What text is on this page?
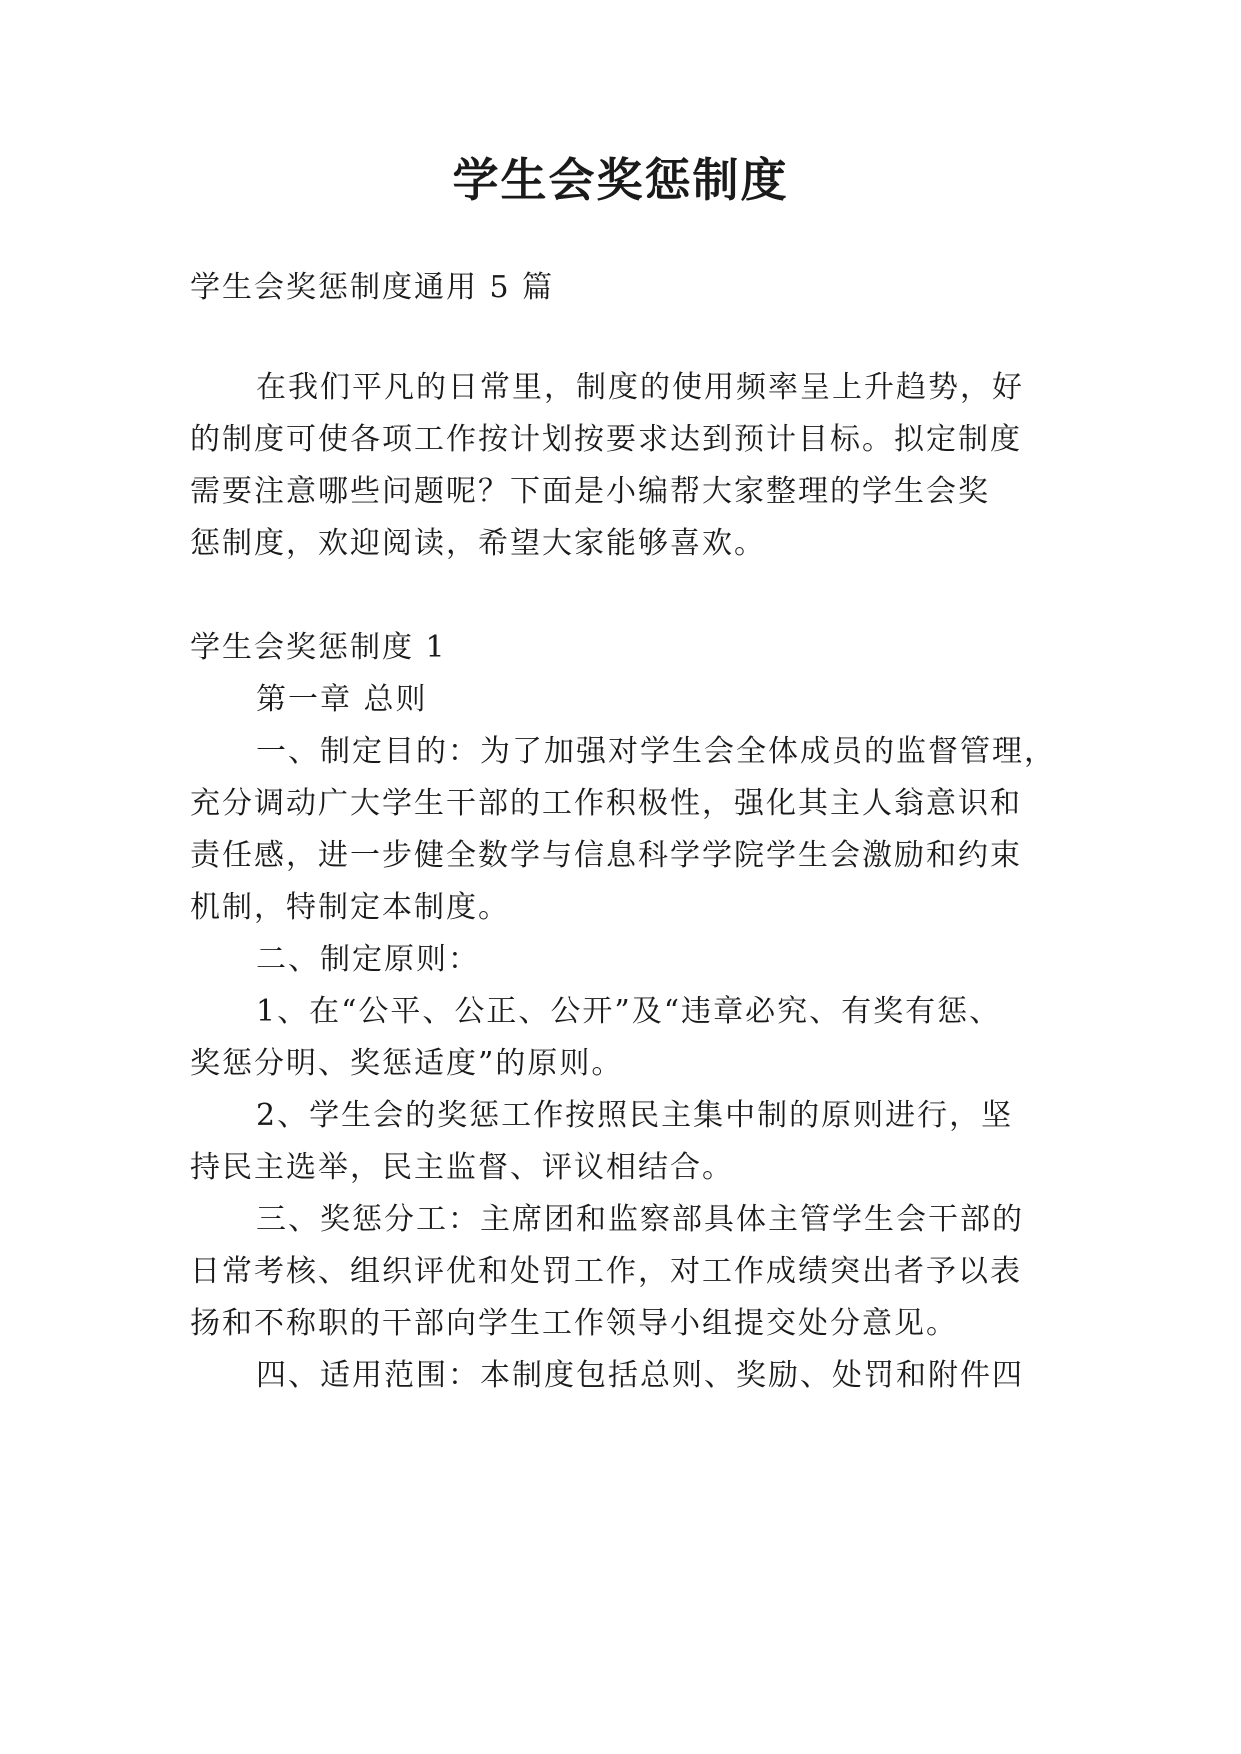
学生会奖惩制度
学生会奖惩制度通用 5 篇
在我们平凡的日常里，制度的使用频率呈上升趋势，好
的制度可使各项工作按计划按要求达到预计目标。拟定制度
需要注意哪些问题呢？下面是小编帮大家整理的学生会奖
惩制度，欢迎阅读，希望大家能够喜欢。
学生会奖惩制度 1
第一章 总则
一、制定目的：为了加强对学生会全体成员的监督管理，
充分调动广大学生干部的工作积极性，强化其主人翁意识和
责任感，进一步健全数学与信息科学学院学生会激励和约束
机制，特制定本制度。
二、制定原则：
1、在“公平、公正、公开”及“违章必究、有奖有惩、
奖惩分明、奖惩适度”的原则。
2、学生会的奖惩工作按照民主集中制的原则进行，坚
持民主选举，民主监督、评议相结合。
三、奖惩分工：主席团和监察部具体主管学生会干部的
日常考核、组织评优和处罚工作，对工作成绩突出者予以表
扬和不称职的干部向学生工作领导小组提交处分意见。
四、适用范围：本制度包括总则、奖励、处罚和附件四
